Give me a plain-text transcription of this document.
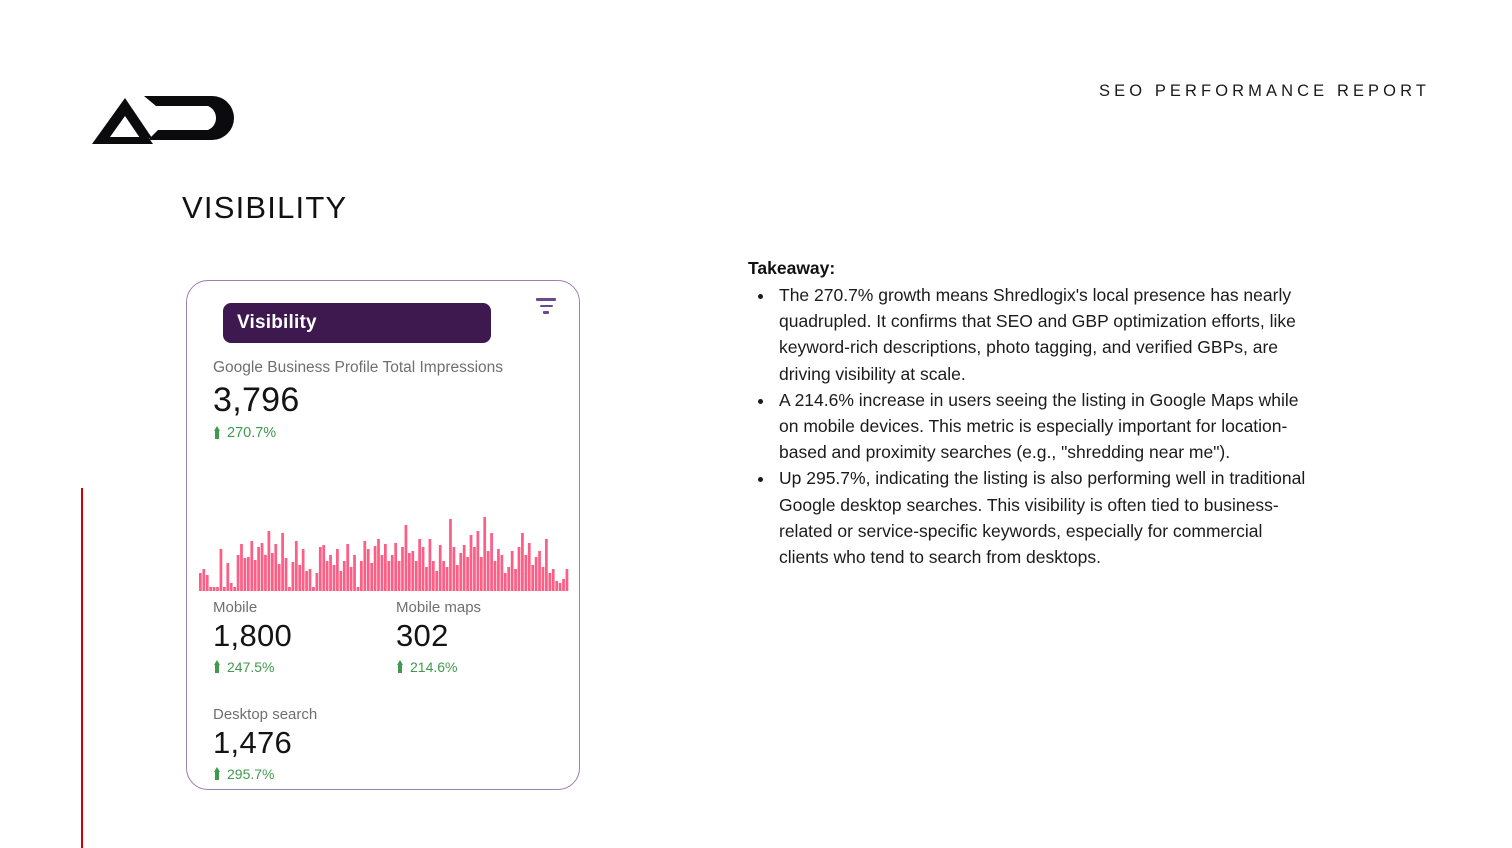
SEO PERFORMANCE REPORT
VISIBILITY
Visibility
Google Business Profile Total Impressions
3,796
270.7%
Mobile
1,800
247.5%
Mobile maps
302
214.6%
Desktop search
1,476
295.7%
Takeaway:
• The 270.7% growth means Shredlogix's local presence has nearly quadrupled. It confirms that SEO and GBP optimization efforts, like keyword-rich descriptions, photo tagging, and verified GBPs, are driving visibility at scale.
• A 214.6% increase in users seeing the listing in Google Maps while on mobile devices. This metric is especially important for location-based and proximity searches (e.g., "shredding near me").
• Up 295.7%, indicating the listing is also performing well in traditional Google desktop searches. This visibility is often tied to business-related or service-specific keywords, especially for commercial clients who tend to search from desktops.
